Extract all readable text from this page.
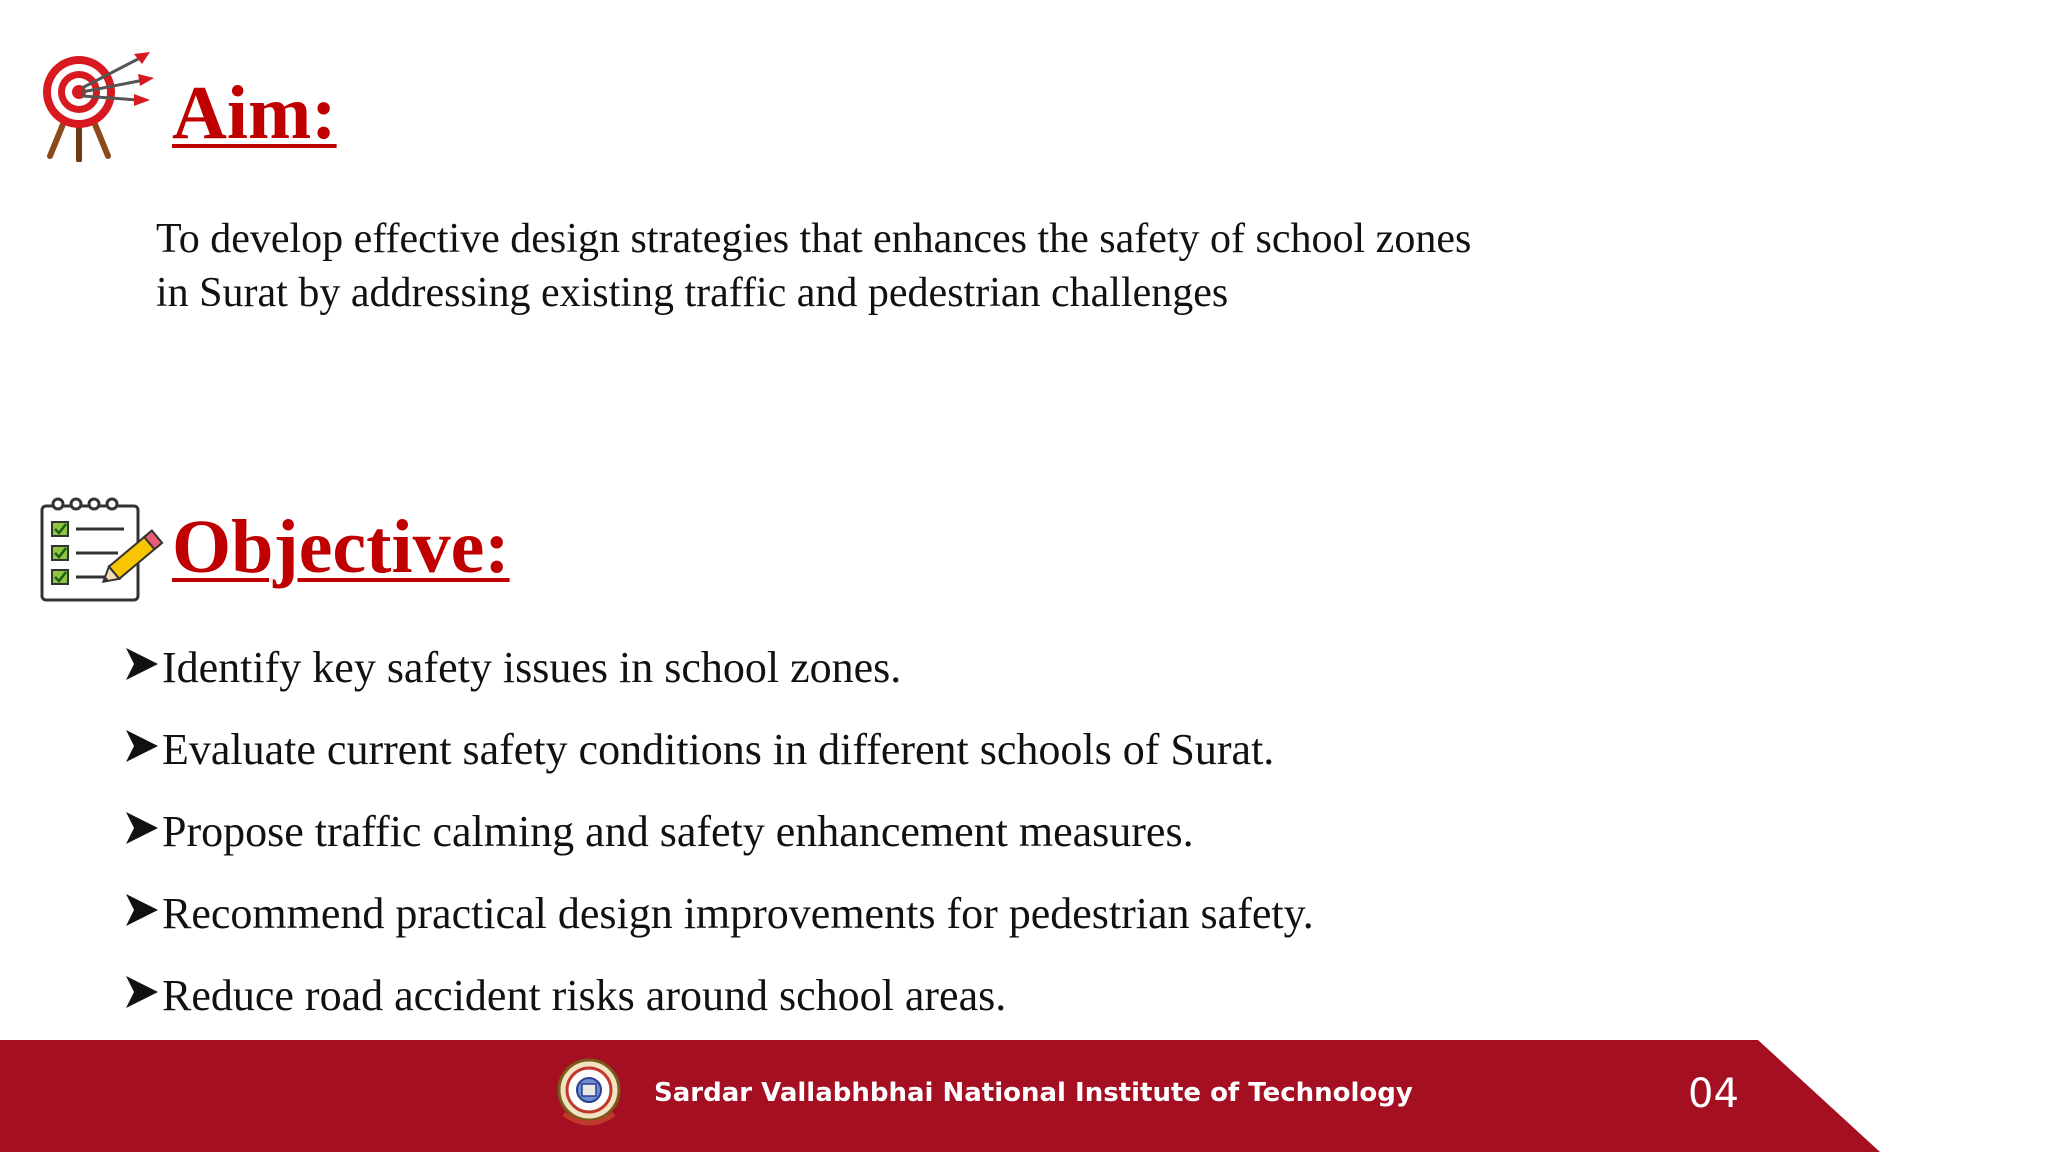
Aim:
To develop effective design strategies that enhances the safety of school zones
in Surat by addressing existing traffic and pedestrian challenges
Objective:
Identify key safety issues in school zones.
Evaluate current safety conditions in different schools of Surat.
Propose traffic calming and safety enhancement measures.
Recommend practical design improvements for pedestrian safety.
Reduce road accident risks around school areas.
Sardar Vallabhbhai National Institute of Technology	04
